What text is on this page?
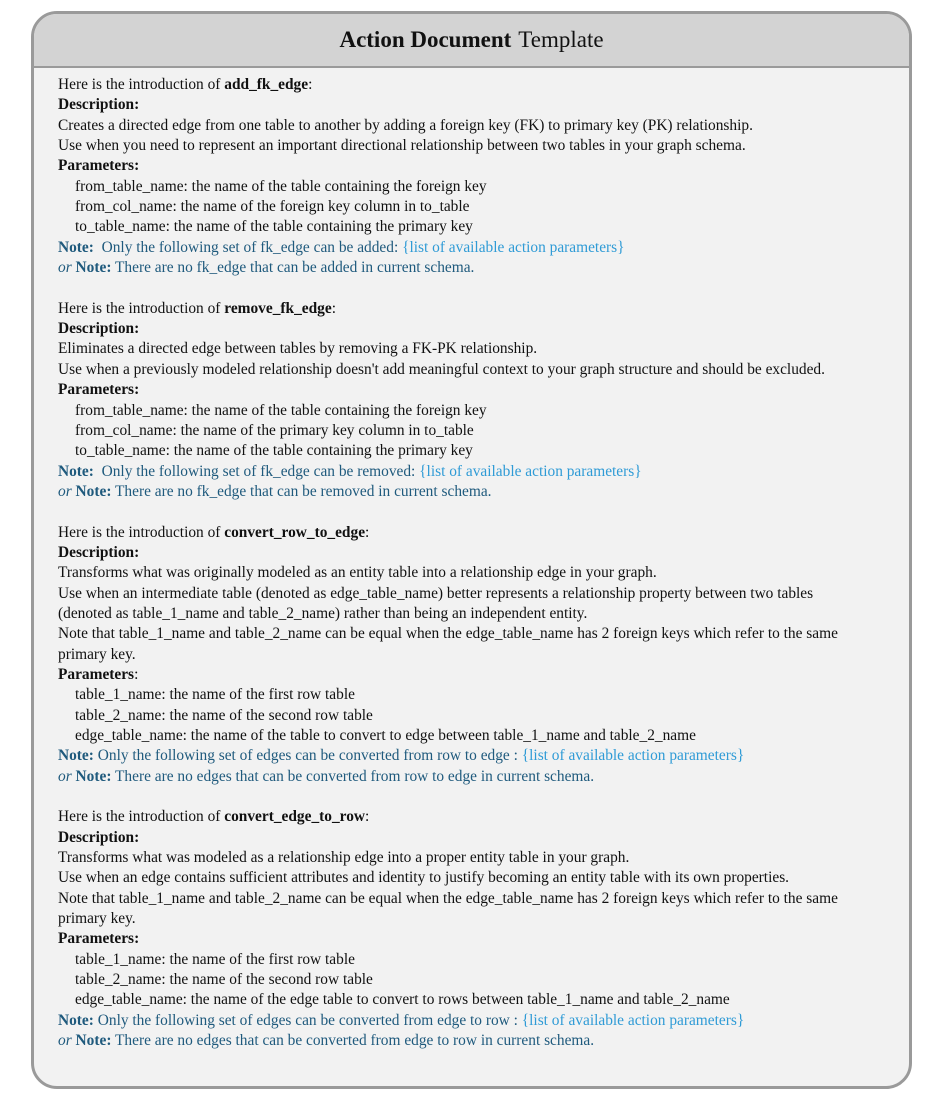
Action Document Template
Here is the introduction of add_fk_edge:
Description:
Creates a directed edge from one table to another by adding a foreign key (FK) to primary key (PK) relationship.
Use when you need to represent an important directional relationship between two tables in your graph schema.
Parameters:
from_table_name: the name of the table containing the foreign key
from_col_name: the name of the foreign key column in to_table
to_table_name: the name of the table containing the primary key
Note: Only the following set of fk_edge can be added: {list of available action parameters}
or Note: There are no fk_edge that can be added in current schema.
Here is the introduction of remove_fk_edge:
Description:
Eliminates a directed edge between tables by removing a FK-PK relationship.
Use when a previously modeled relationship doesn't add meaningful context to your graph structure and should be excluded.
Parameters:
from_table_name: the name of the table containing the foreign key
from_col_name: the name of the primary key column in to_table
to_table_name: the name of the table containing the primary key
Note: Only the following set of fk_edge can be removed: {list of available action parameters}
or Note: There are no fk_edge that can be removed in current schema.
Here is the introduction of convert_row_to_edge:
Description:
Transforms what was originally modeled as an entity table into a relationship edge in your graph.
Use when an intermediate table (denoted as edge_table_name) better represents a relationship property between two tables (denoted as table_1_name and table_2_name) rather than being an independent entity.
Note that table_1_name and table_2_name can be equal when the edge_table_name has 2 foreign keys which refer to the same primary key.
Parameters:
table_1_name: the name of the first row table
table_2_name: the name of the second row table
edge_table_name: the name of the table to convert to edge between table_1_name and table_2_name
Note: Only the following set of edges can be converted from row to edge : {list of available action parameters}
or Note: There are no edges that can be converted from row to edge in current schema.
Here is the introduction of convert_edge_to_row:
Description:
Transforms what was modeled as a relationship edge into a proper entity table in your graph.
Use when an edge contains sufficient attributes and identity to justify becoming an entity table with its own properties.
Note that table_1_name and table_2_name can be equal when the edge_table_name has 2 foreign keys which refer to the same primary key.
Parameters:
table_1_name: the name of the first row table
table_2_name: the name of the second row table
edge_table_name: the name of the edge table to convert to rows between table_1_name and table_2_name
Note: Only the following set of edges can be converted from edge to row : {list of available action parameters}
or Note: There are no edges that can be converted from edge to row in current schema.
